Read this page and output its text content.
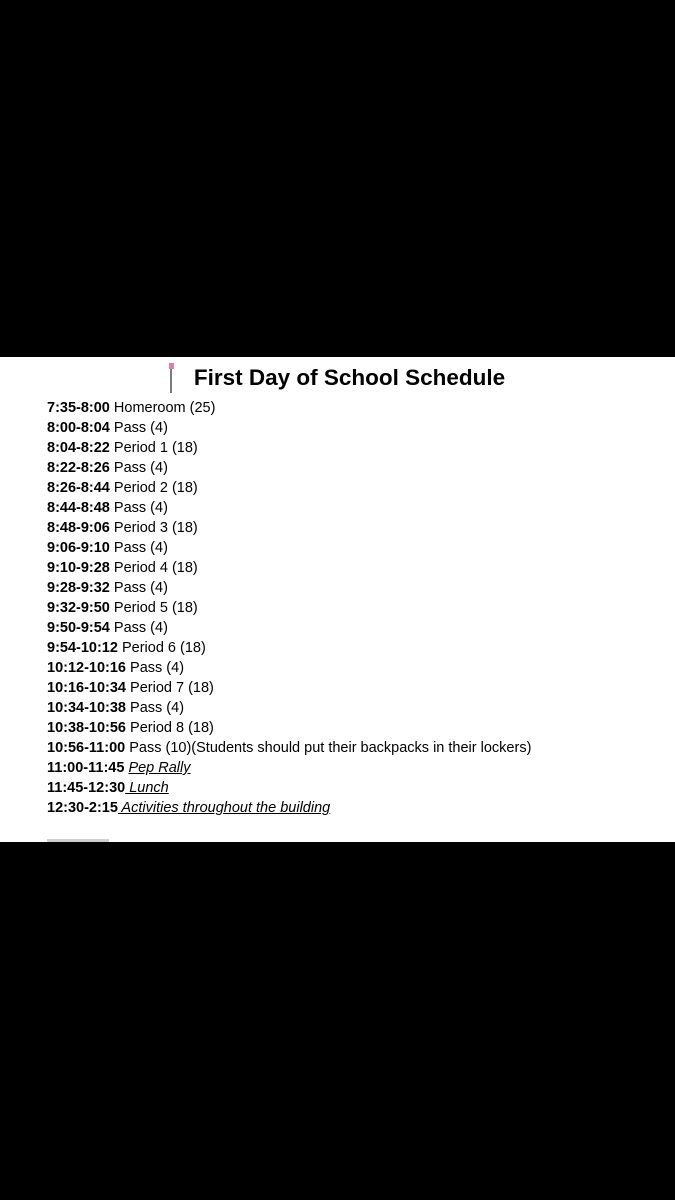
First Day of School Schedule
7:35-8:00 Homeroom (25)
8:00-8:04 Pass (4)
8:04-8:22 Period 1 (18)
8:22-8:26 Pass (4)
8:26-8:44 Period 2 (18)
8:44-8:48 Pass (4)
8:48-9:06 Period 3 (18)
9:06-9:10 Pass (4)
9:10-9:28 Period 4 (18)
9:28-9:32 Pass (4)
9:32-9:50 Period 5 (18)
9:50-9:54 Pass (4)
9:54-10:12 Period 6 (18)
10:12-10:16 Pass (4)
10:16-10:34 Period 7 (18)
10:34-10:38 Pass (4)
10:38-10:56 Period 8 (18)
10:56-11:00 Pass (10)(Students should put their backpacks in their lockers)
11:00-11:45 Pep Rally
11:45-12:30 Lunch
12:30-2:15 Activities throughout the building
